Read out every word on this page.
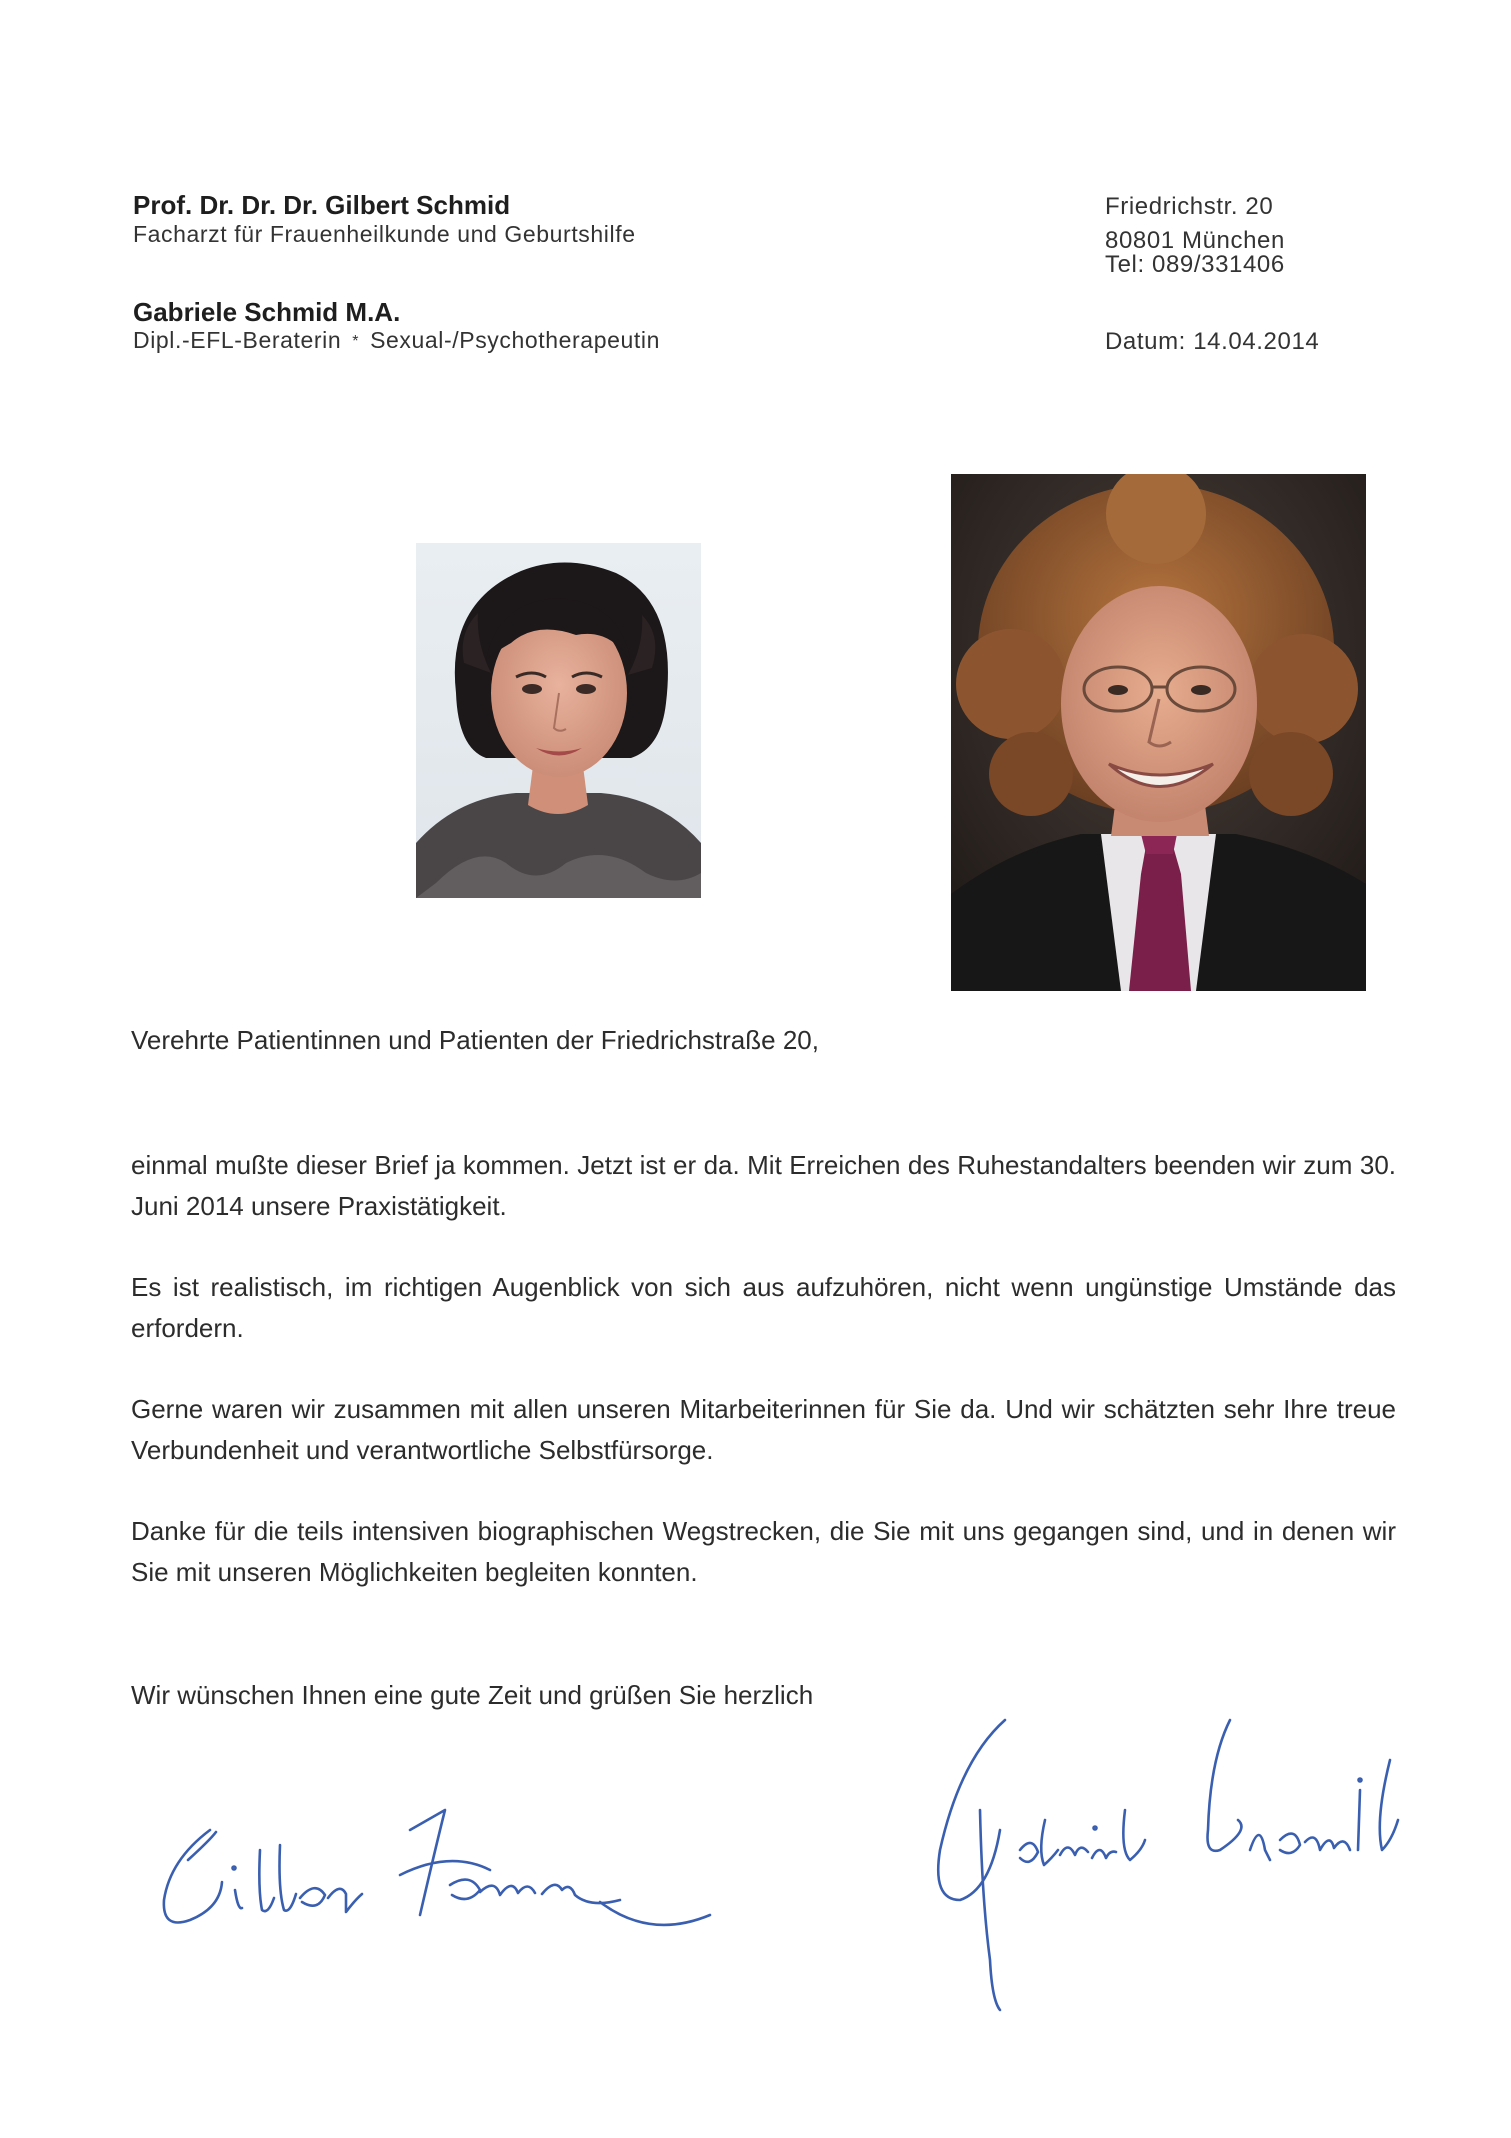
Prof. Dr. Dr. Dr. Gilbert Schmid
Facharzt für Frauenheilkunde und Geburtshilfe
Gabriele Schmid M.A.
Dipl.-EFL-Beraterin * Sexual-/Psychotherapeutin
Friedrichstr. 20
80801 München
Tel: 089/331406
Datum: 14.04.2014
Verehrte Patientinnen und Patienten der Friedrichstraße 20,
einmal mußte dieser Brief ja kommen. Jetzt ist er da. Mit Erreichen des Ruhestandalters beenden wir zum 30. Juni 2014 unsere Praxistätigkeit.
Es ist realistisch, im richtigen Augenblick von sich aus aufzuhören, nicht wenn ungünstige Umstände das erfordern.
Gerne waren wir zusammen mit allen unseren Mitarbeiterinnen für Sie da. Und wir schätzten sehr Ihre treue Verbundenheit und verantwortliche Selbstfürsorge.
Danke für die teils intensiven biographischen Wegstrecken, die Sie mit uns gegangen sind, und in denen wir Sie mit unseren Möglichkeiten begleiten konnten.
Wir wünschen Ihnen eine gute Zeit und grüßen Sie herzlich
